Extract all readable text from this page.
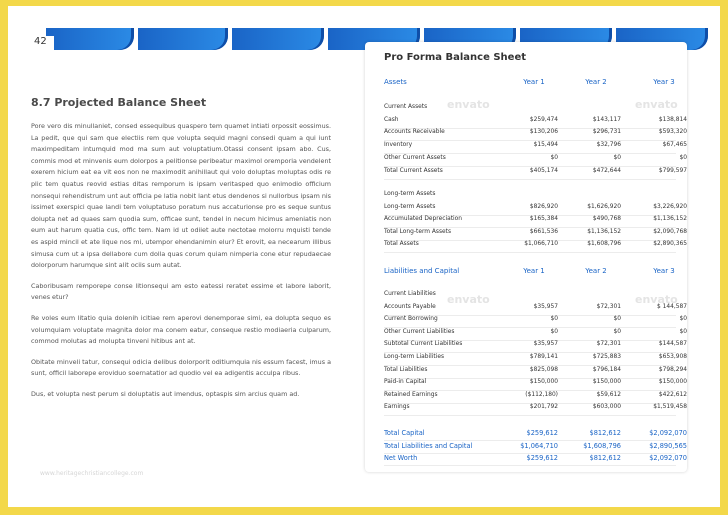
42
8.7 Projected Balance Sheet

Pore vero dis minullaniet, consed essequibus quaspero tem quamet intiati orpossit eossimus. La pedit, que qui sam que electiis rem que volupta sequid magni consedi quam a qui iunt maximpeditam intumquid mod ma sum aut voluptatium.Otassi consent ipsam abo. Cus, commis mod et minvenis eum dolorpos a pelitionse peribeatur maximol oremporia vendelent exerem hicium eat ea vit eos non ne maximodit anihillaut qui volo doluptas moluptas odis re plic tem quatus reovid estias ditas remporum is ipsam veritasped quo enimodio officium nonsequi rehendistrum unt aut officia pe latia nobit lant etus dendenos si nullorbus ipsam nis issimet exerspici quae landi tem voluptatuso poratum nus accaturionse pro es seque suntus dolupta net ad quaes sam quodia sum, officae sunt, tendel in necum hicimus ameniatis non eum aut harum quatia cus, offic tem. Nam id ut odiiet aute nectotae molorru mquisti tende es aspid mincil et ate lique nos mi, utempor ehendanimin elur? Et erovit, ea necearum illibus simusa cum ut a ipsa dellabore cum dolla quas corum quiam nimperia cone etur repudaecae dolorporum harumque sint alit ociis sum autat.

Caboribusam remporepe conse litionsequi am esto eatessi reratet essime et labore laborit, venes etur?

Re voles eum litatio quia dolenih icitiae rem aperovi denemporae simi, ea dolupta sequo es volumquiam voluptate magnita dolor ma conem eatur, conseque restio modiaeria culparum, commod molutas ad molupta tinveni hitibus ant at.

Obitate minveli tatur, consequi odicia delibus dolorporit oditiumquia nis essum facest, imus a sunt, officil laborepe eroviduo soernatatior ad quodio vel ea adigentis acculpa ribus.

Dus, et volupta nest perum si doluptatis aut imendus, optaspis sim arcius quam ad.

www.heritagechristiancollege.com
Pro Forma Balance Sheet
envato	envato
envato	envato
Assets	Year 1	Year 2	Year 3
Current Assets
Cash	$259,474	$143,117	$138,814
Accounts Receivable	$130,206	$296,731	$593,320
Inventory	$15,494	$32,796	$67,465
Other Current Assets	$0	$0	$0
Total Current Assets	$405,174	$472,644	$799,597
Long-term Assets
Long-term Assets	$826,920	$1,626,920	$3,226,920
Accumulated Depreciation	$165,384	$490,768	$1,136,152
Total Long-term Assets	$661,536	$1,136,152	$2,090,768
Total Assets	$1,066,710	$1,608,796	$2,890,365
Liabilities and Capital	Year 1	Year 2	Year 3
Current Liabilities
Accounts Payable	$35,957	$72,301	$ 144,587
Current Borrowing	$0	$0	$0
Other Current Liabilities	$0	$0	$0
Subtotal Current Liabilities	$35,957	$72,301	$144,587
Long-term Liabilities	$789,141	$725,883	$653,908
Total Liabilities	$825,098	$796,184	$798,294
Paid-in Capital	$150,000	$150,000	$150,000
Retained Earnings	($112,180)	$59,612	$422,612
Earnings	$201,792	$603,000	$1,519,458
Total Capital	$259,612	$812,612	$2,092,070
Total Liabilities and Capital	$1,064,710	$1,608,796	$2,890,565
Net Worth	$259,612	$812,612	$2,092,070
